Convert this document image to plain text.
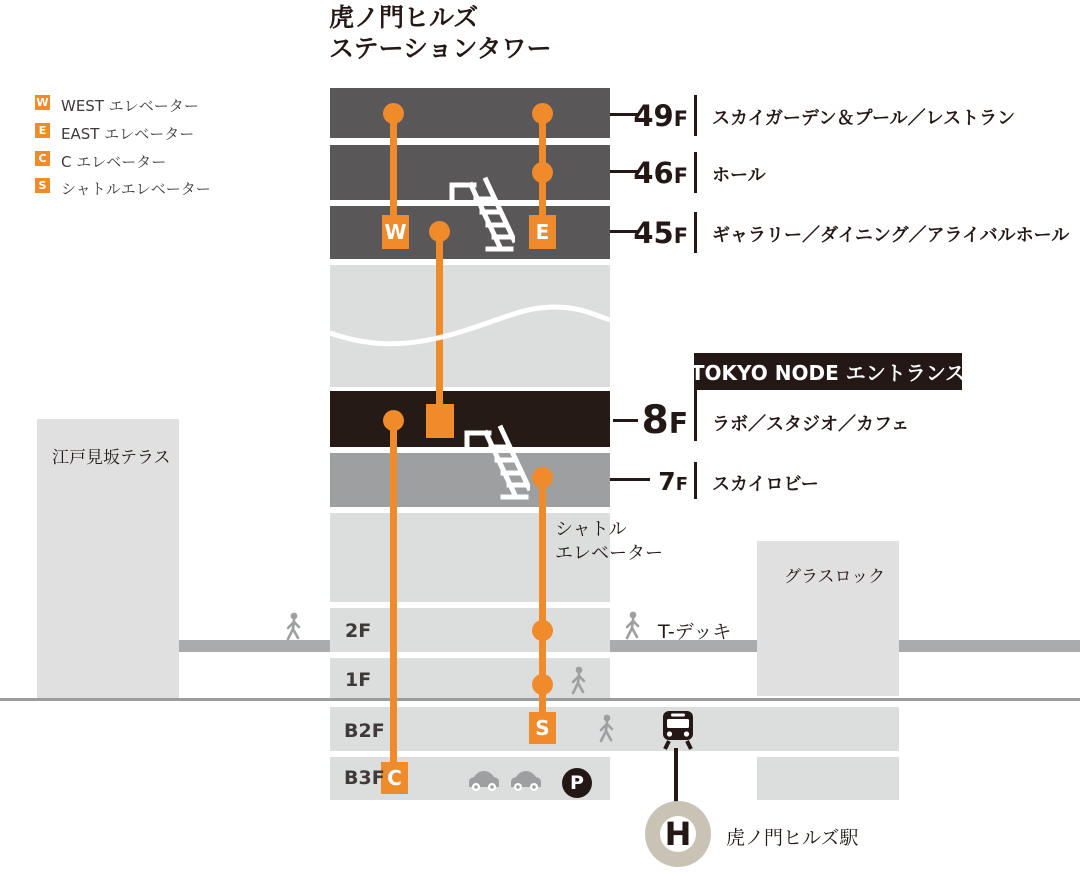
虎ノ門ヒルズ
ステーションタワー
W WEST エレベーター
E EAST エレベーター
C C エレベーター
S シャトルエレベーター
江戸見坂テラス
グラスロック
W	E
C
S
49F スカイガーデン＆プール／レストラン
46F ホール
45F ギャラリー／ダイニング／アライバルホール
TOKYO NODE エントランス
8F ラボ／スタジオ／カフェ
7F スカイロビー
2F
1F
B2F
B3F
シャトル
エレベーター
T-デッキ
虎ノ門ヒルズ駅
P
H
